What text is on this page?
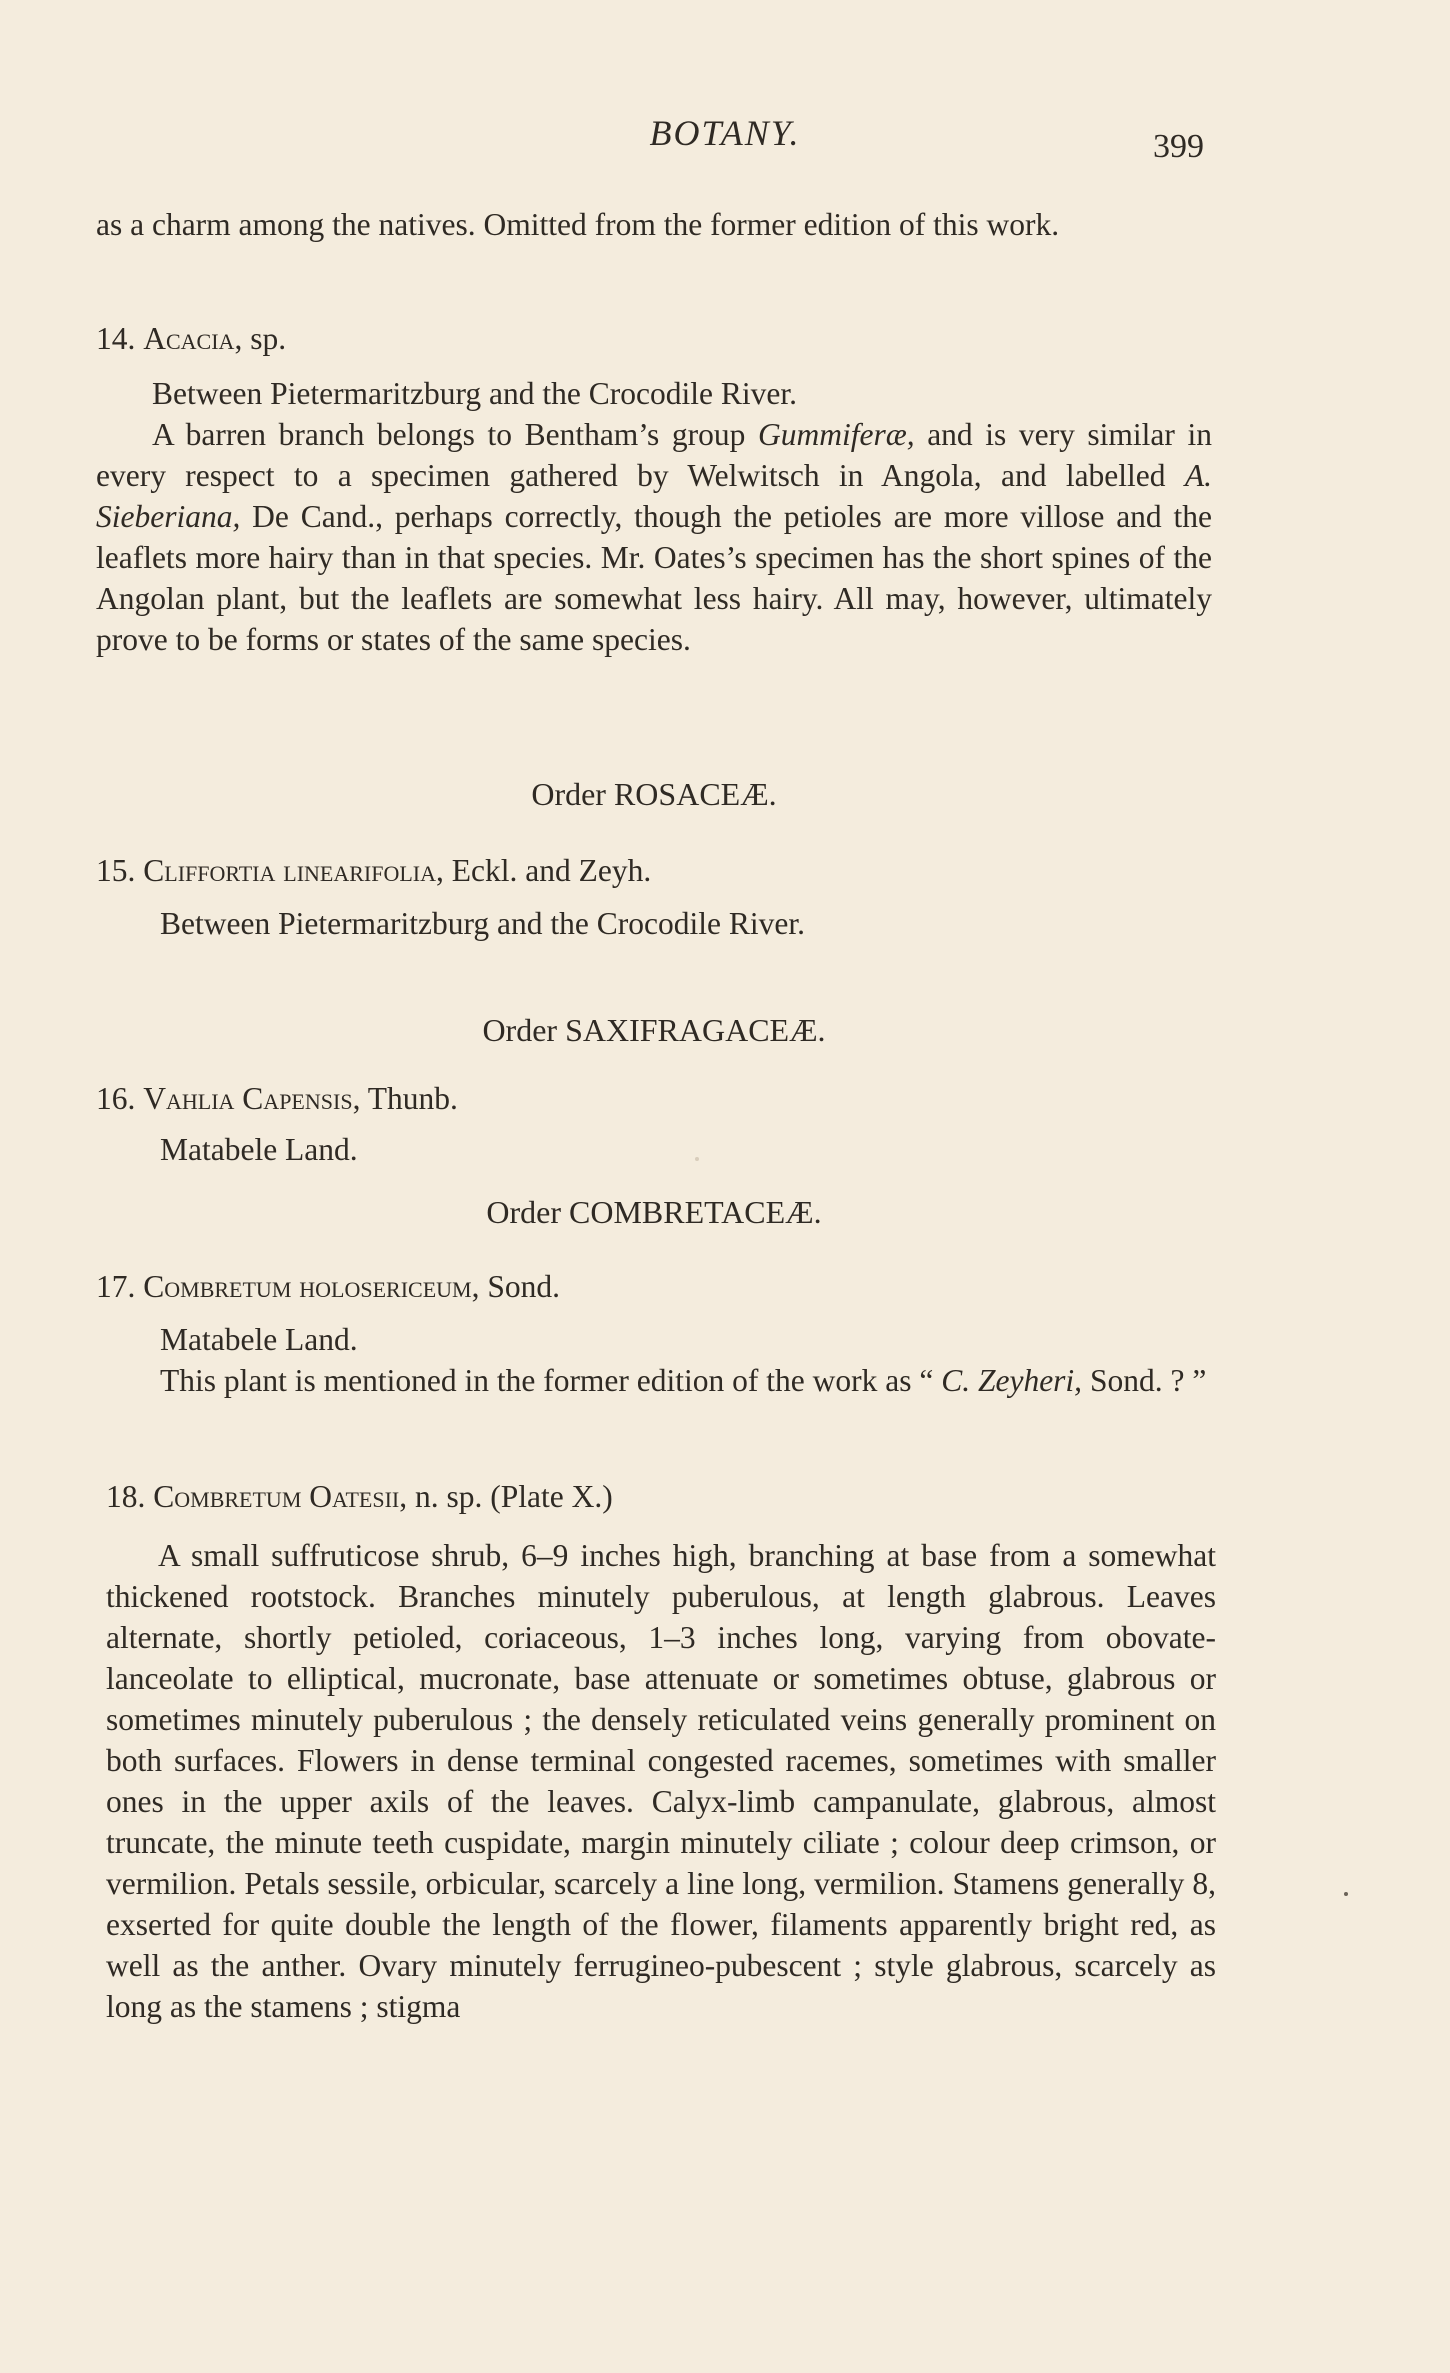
BOTANY.	399

as a charm among the natives. Omitted from the former edition of this work.

14. Acacia, sp.

Between Pietermaritzburg and the Crocodile River.

A barren branch belongs to Bentham’s group Gummiferæ, and is very similar in every respect to a specimen gathered by Welwitsch in Angola, and labelled A. Sieberiana, De Cand., perhaps correctly, though the petioles are more villose and the leaflets more hairy than in that species. Mr. Oates’s specimen has the short spines of the Angolan plant, but the leaflets are somewhat less hairy. All may, however, ultimately prove to be forms or states of the same species.

Order ROSACEÆ.

15. Cliffortia linearifolia, Eckl. and Zeyh.

Between Pietermaritzburg and the Crocodile River.

Order SAXIFRAGACEÆ.

16. Vahlia Capensis, Thunb.

Matabele Land.

Order COMBRETACEÆ.

17. Combretum holosericeum, Sond.

Matabele Land.

This plant is mentioned in the former edition of the work as “ C. Zeyheri, Sond. ? ”

18. Combretum Oatesii, n. sp. (Plate X.)

A small suffruticose shrub, 6–9 inches high, branching at base from a somewhat thickened rootstock. Branches minutely puberulous, at length glabrous. Leaves alternate, shortly petioled, coriaceous, 1–3 inches long, varying from obovate-lanceolate to elliptical, mucronate, base attenuate or sometimes obtuse, glabrous or sometimes minutely puberulous ; the densely reticulated veins generally prominent on both surfaces. Flowers in dense terminal congested racemes, sometimes with smaller ones in the upper axils of the leaves. Calyx-limb campanulate, glabrous, almost truncate, the minute teeth cuspidate, margin minutely ciliate ; colour deep crimson, or vermilion. Petals sessile, orbicular, scarcely a line long, vermilion. Stamens generally 8, exserted for quite double the length of the flower, filaments apparently bright red, as well as the anther. Ovary minutely ferrugineo-pubescent ; style glabrous, scarcely as long as the stamens ; stigma
